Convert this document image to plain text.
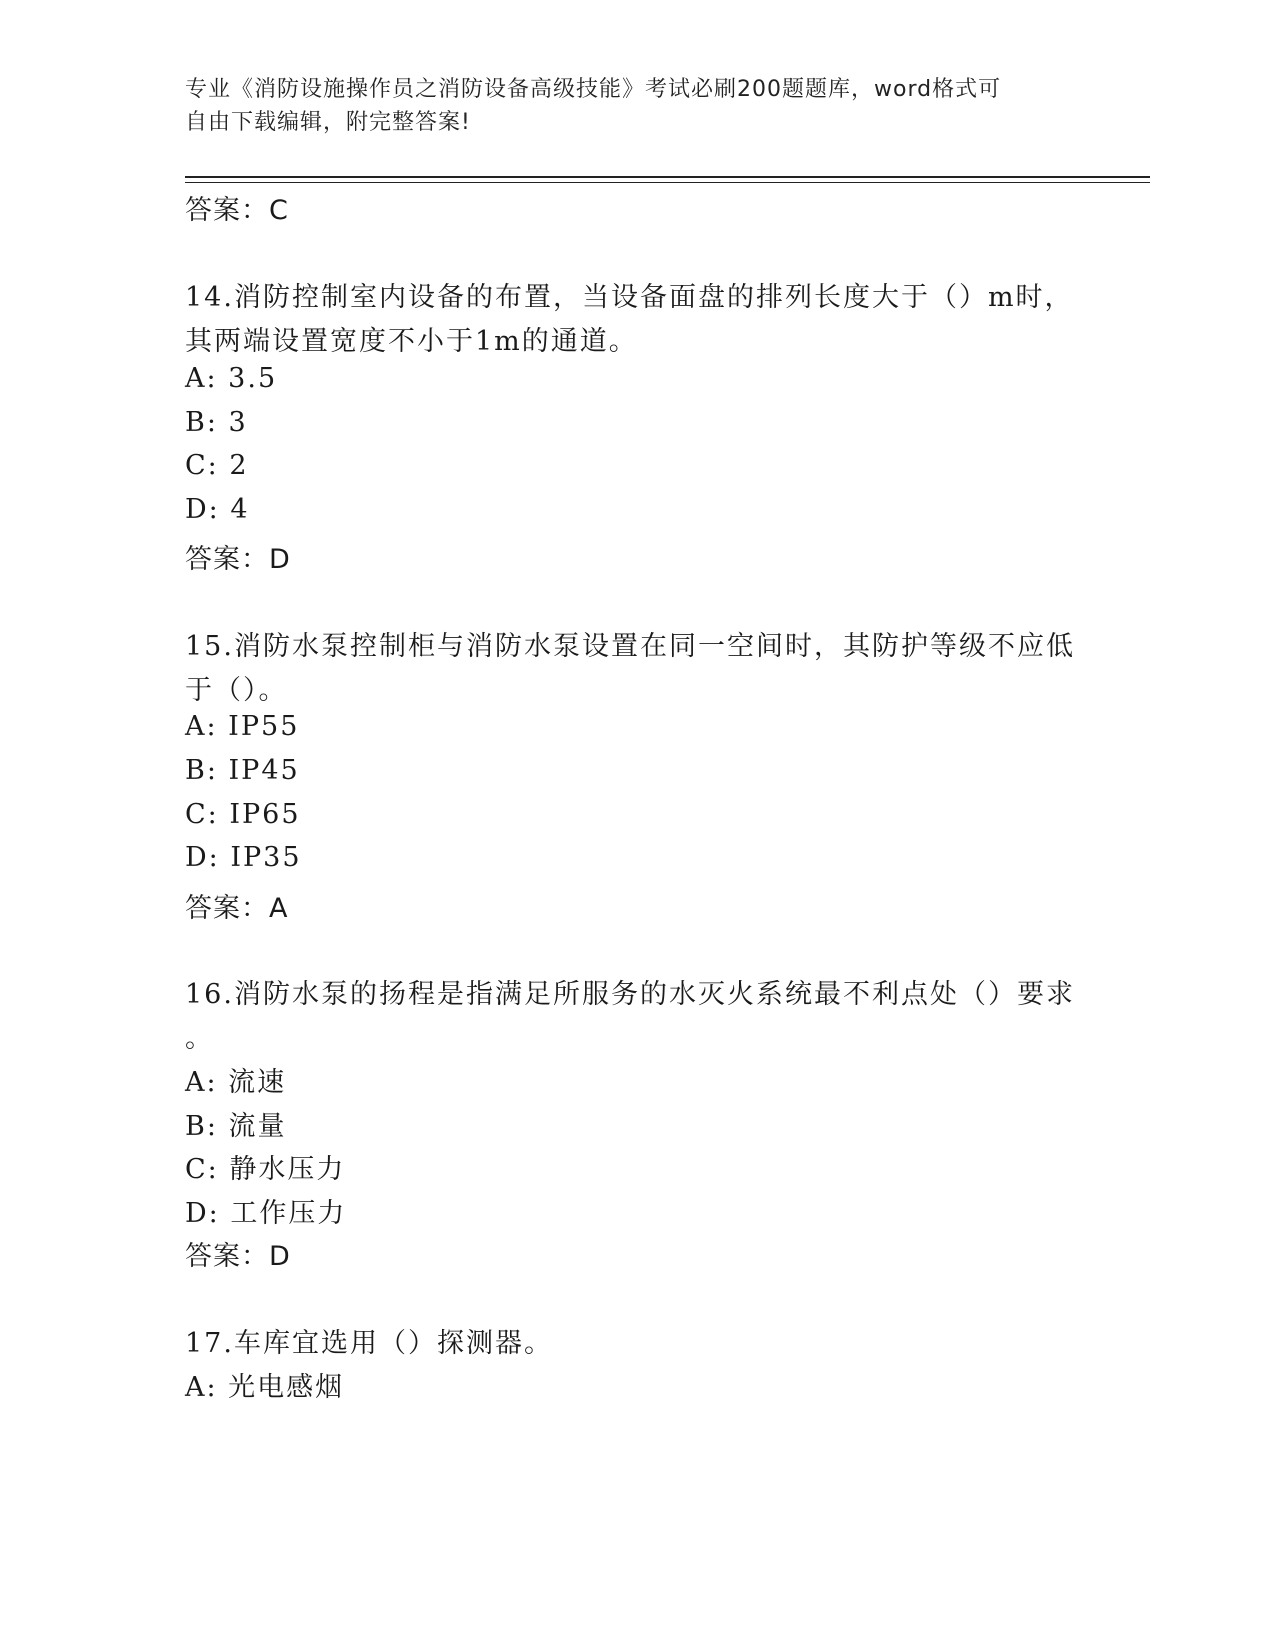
专业《消防设施操作员之消防设备高级技能》考试必刷200题题库，word格式可
自由下载编辑，附完整答案!
答案：C
14.消防控制室内设备的布置，当设备面盘的排列长度大于（）m时，
其两端设置宽度不小于1m的通道。
A: 3.5
B: 3
C: 2
D: 4
答案：D
15.消防水泵控制柜与消防水泵设置在同一空间时，其防护等级不应低
于（）。
A: IP55
B: IP45
C: IP65
D: IP35
答案：A
16.消防水泵的扬程是指满足所服务的水灭火系统最不利点处（）要求
。
A: 流速
B: 流量
C: 静水压力
D: 工作压力
答案：D
17.车库宜选用（）探测器。
A: 光电感烟
